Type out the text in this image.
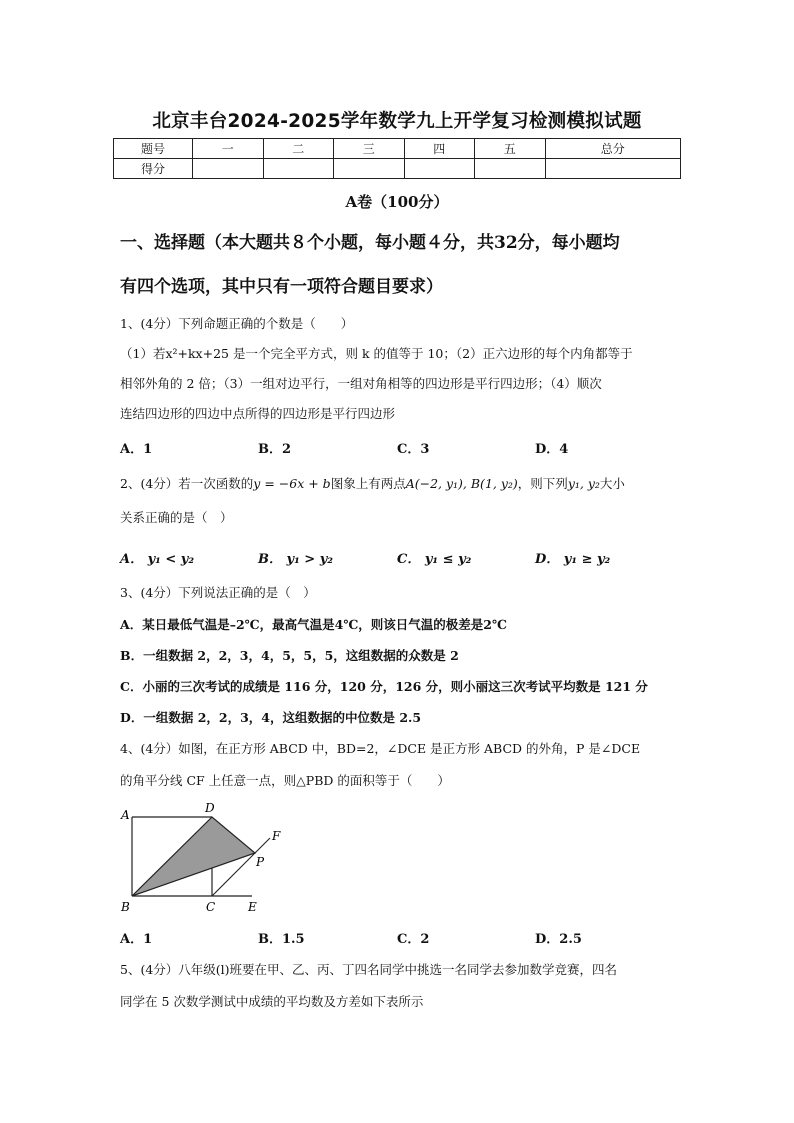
北京丰台2024-2025学年数学九上开学复习检测模拟试题
题号	一	二	三	四	五	总分
得分						
A卷（100分）
一、选择题（本大题共８个小题，每小题４分，共32分，每小题均
有四个选项，其中只有一项符合题目要求）
1、(4分）下列命题正确的个数是（　　）
（1）若x²+kx+25 是一个完全平方式，则 k 的值等于 10；（2）正六边形的每个内角都等于
相邻外角的 2 倍；（3）一组对边平行，一组对角相等的四边形是平行四边形；（4）顺次
连结四边形的四边中点所得的四边形是平行四边形
A．1	B．2	C．3	D．4
2、(4分）若一次函数的y = −6x + b图象上有两点A(−2, y₁), B(1, y₂)，则下列y₁, y₂大小
关系正确的是（　）
A． y₁ < y₂	B． y₁ > y₂	C． y₁ ≤ y₂	D． y₁ ≥ y₂
3、(4分）下列说法正确的是（　）
A．某日最低气温是–2℃，最高气温是4℃，则该日气温的极差是2℃
B．一组数据 2，2，3，4，5，5，5，这组数据的众数是 2
C．小丽的三次考试的成绩是 116 分，120 分，126 分，则小丽这三次考试平均数是 121 分
D．一组数据 2，2，3，4，这组数据的中位数是 2.5
4、(4分）如图，在正方形 ABCD 中，BD=2，∠DCE 是正方形 ABCD 的外角，P 是∠DCE
的角平分线 CF 上任意一点，则△PBD 的面积等于（　　）
A	D
B	C	E
F
P
A．1	B．1.5	C．2	D．2.5
5、(4分）八年级(l)班要在甲、乙、丙、丁四名同学中挑选一名同学去参加数学竞赛，四名
同学在 5 次数学测试中成绩的平均数及方差如下表所示
